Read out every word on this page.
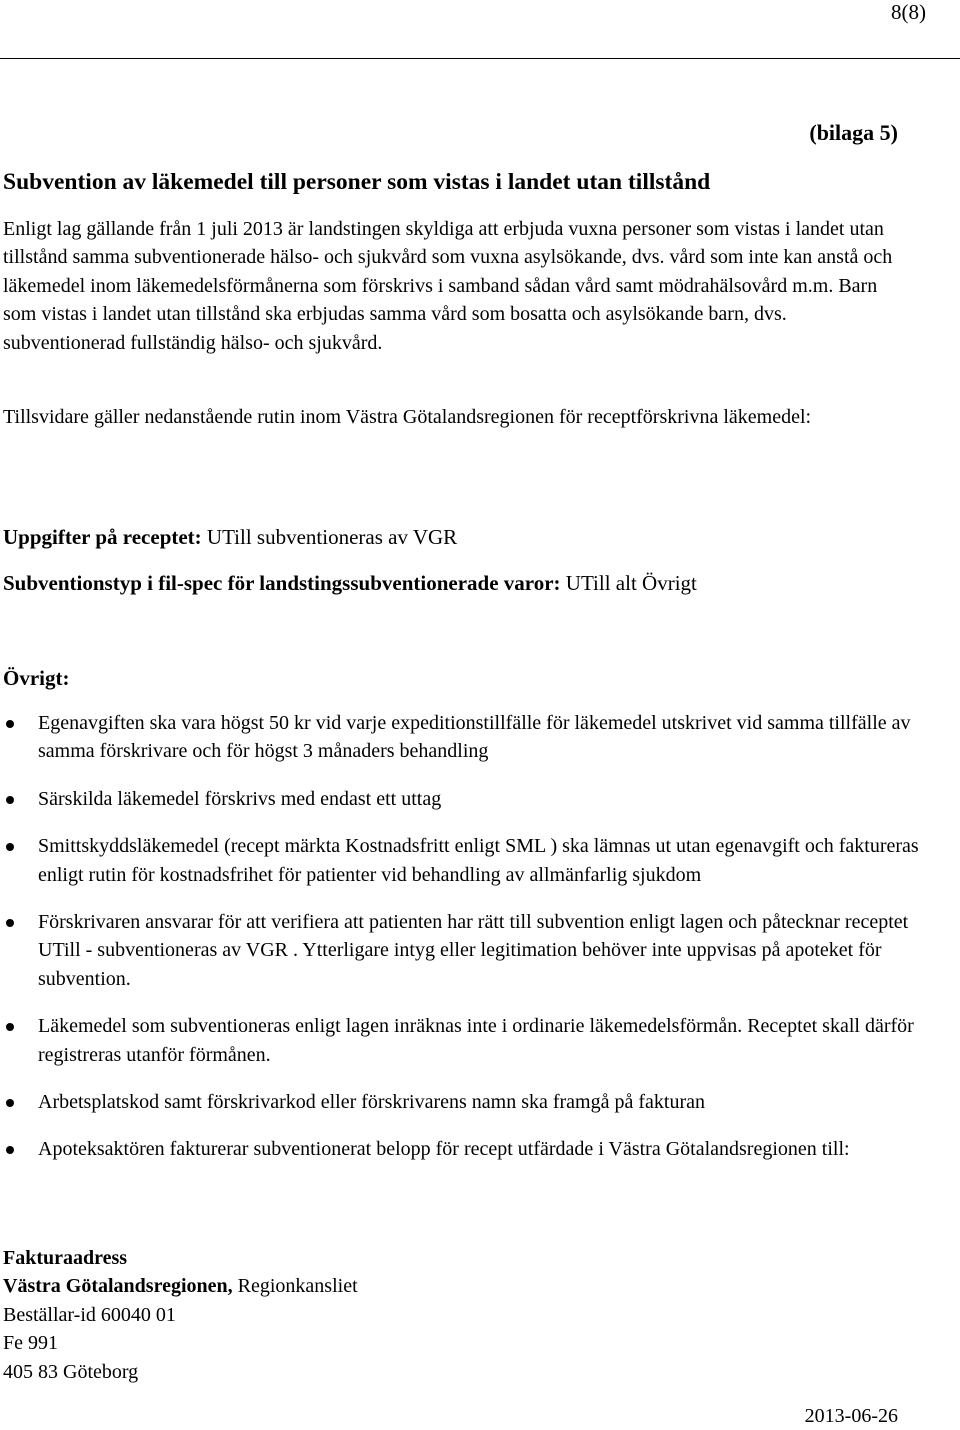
8(8)
(bilaga 5)
Subvention av läkemedel till personer som vistas i landet utan tillstånd
Enligt lag gällande från 1 juli 2013 är landstingen skyldiga att erbjuda vuxna personer som vistas i landet utan tillstånd samma subventionerade hälso- och sjukvård som vuxna asylsökande, dvs. vård som inte kan anstå och läkemedel inom läkemedelsförmånerna som förskrivs i samband sådan vård samt mödrahälsovård m.m. Barn som vistas i landet utan tillstånd ska erbjudas samma vård som bosatta och asylsökande barn, dvs. subventionerad fullständig hälso- och sjukvård.
Tillsvidare gäller nedanstående rutin inom Västra Götalandsregionen för receptförskrivna läkemedel:
Uppgifter på receptet: UTill subventioneras av VGR
Subventionstyp i fil-spec för landstingssubventionerade varor: UTill alt Övrigt
Övrigt:
Egenavgiften ska vara högst 50 kr vid varje expeditionstillfälle för läkemedel utskrivet vid samma tillfälle av samma förskrivare och för högst 3 månaders behandling
Särskilda läkemedel förskrivs med endast ett uttag
Smittskyddsläkemedel (recept märkta Kostnadsfritt enligt SML ) ska lämnas ut utan egenavgift och faktureras enligt rutin för kostnadsfrihet för patienter vid behandling av allmänfarlig sjukdom
Förskrivaren ansvarar för att verifiera att patienten har rätt till subvention enligt lagen och påtecknar receptet UTill - subventioneras av VGR . Ytterligare intyg eller legitimation behöver inte uppvisas på apoteket för subvention.
Läkemedel som subventioneras enligt lagen inräknas inte i ordinarie läkemedelsförmån. Receptet skall därför registreras utanför förmånen.
Arbetsplatskod samt förskrivarkod eller förskrivarens namn ska framgå på fakturan
Apoteksaktören fakturerar subventionerat belopp för recept utfärdade i Västra Götalandsregionen till:
Fakturaadress
Västra Götalandsregionen, Regionkansliet
Beställar-id 60040 01
Fe 991
405 83 Göteborg
2013-06-26
